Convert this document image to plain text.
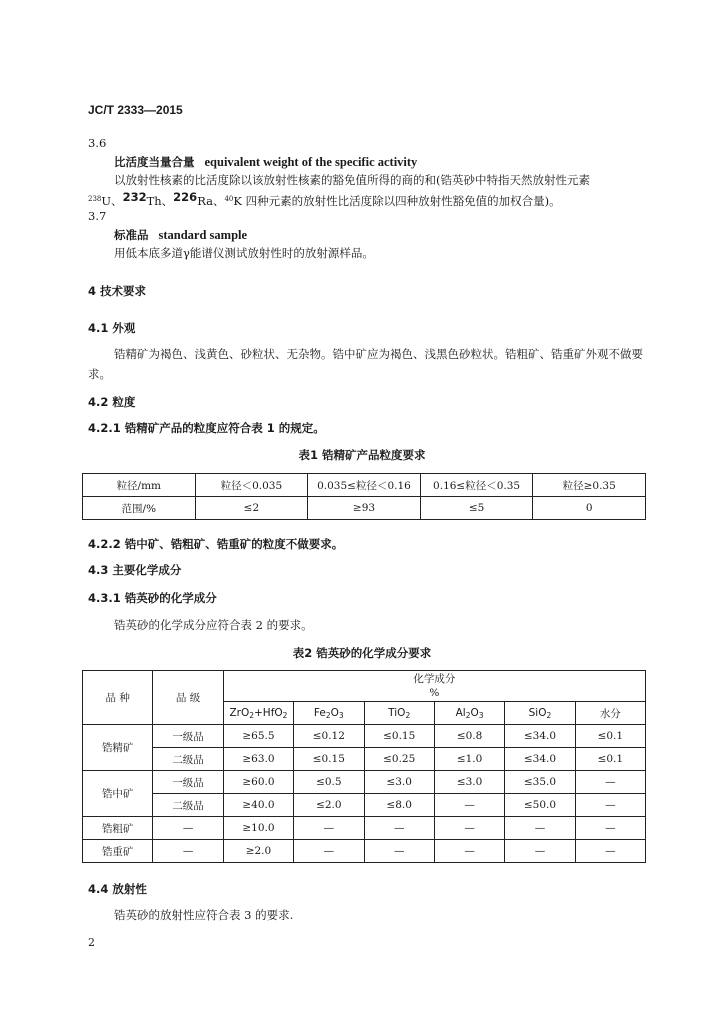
JC/T 2333—2015
3.6
比活度当量合量 equivalent weight of the specific activity
以放射性核素的比活度除以该放射性核素的豁免值所得的商的和(锆英砂中特指天然放射性元素
$^{238}$U、$^{232}$Th、$^{226}$Ra、$^{40}$K 四种元素的放射性比活度除以四种放射性豁免值的加权合量)。
3.7
标准品 standard sample
用低本底多道γ能谱仪测试放射性时的放射源样品。
4 技术要求
4.1 外观
锆精矿为褐色、浅黄色、砂粒状、无杂物。锆中矿应为褐色、浅黑色砂粒状。锆粗矿、锆重矿外观不做要求。
4.2 粒度
4.2.1 锆精矿产品的粒度应符合表 1 的规定。
表1 锆精矿产品粒度要求
粒径/mm	粒径＜0.035	0.035≤粒径＜0.16	0.16≤粒径＜0.35	粒径≥0.35
范围/%	≤2	≥93	≤5	0
4.2.2 锆中矿、锆粗矿、锆重矿的粒度不做要求。
4.3 主要化学成分
4.3.1 锆英砂的化学成分
锆英砂的化学成分应符合表 2 的要求。
表2 锆英砂的化学成分要求
品 种	品 级	化学成分
%					

		ZrO$_2$+HfO$_2$	$Fe_2O_3$	TiO$_2$	$Al_2O_3$	SiO$_2$	水分
锆精矿	一级品	≥65.5	≤0.12	≤0.15	≤0.8	≤34.0	≤0.1
	二级品	≥63.0	≤0.15	≤0.25	≤1.0	≤34.0	≤0.1
锆中矿	一级品	≥60.0	≤0.5	≤3.0	≤3.0	≤35.0	—
	二级品	≥40.0	≤2.0	≤8.0	—	≤50.0	—
锆粗矿	—	≥10.0	—	—	—	—	—
锆重矿	—	≥2.0	—	—	—	—	—
4.4 放射性
锆英砂的放射性应符合表 3 的要求.
2
